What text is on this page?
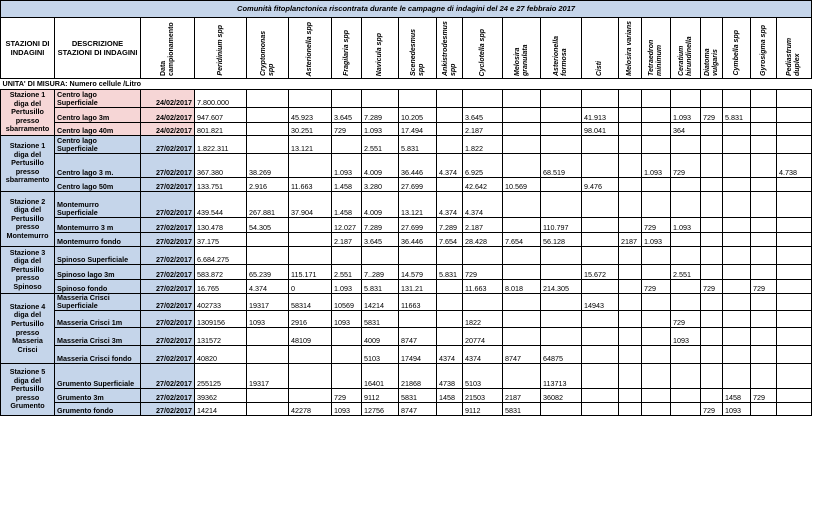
Comunità fitoplanctonica riscontrata durante le campagne di indagini del 24 e 27 febbraio 2017																				
STAZIONI DI INDAGINI	DESCRIZIONE STAZIONI DI INDAGINI	Data campionamento	Peridinium spp	Cryptomonas spp	Asterionella spp	Fragilaria spp	Navicula spp	Scenedesmus spp	Ankistrodesmus spp	Cyclotella spp	Melosira granulata	Asterionella formosa	Cisti	Melosira varians	Tetraedron minimum	Ceratium hirundinella	Diatoma vulgaris	Cymbella spp	Gyrosigma spp	Pediastrum duplex

UNITA' DI MISURA: Numero cellule /Litro																				
Stazione 1 diga del Pertusillo presso sbarramento	Centro lago Superficiale	24/02/2017	7.800.000																	
	Centro lago 3m	24/02/2017	947.607		45.923	3.645	7.289	10.205		3.645			41.913			1.093	729	5.831		
	Centro lago 40m	24/02/2017	801.821		30.251	729	1.093	17.494		2.187			98.041			364				
Stazione 1 diga del Pertusillo presso sbarramento	Centro lago Superficiale	27/02/2017	1.822.311		13.121		2.551	5.831		1.822										
	Centro lago 3 m.	27/02/2017	367.380	38.269		1.093	4.009	36.446	4.374	6.925		68.519			1.093	729				4.738
	Centro lago 50m	27/02/2017	133.751	2.916	11.663	1.458	3.280	27.699		42.642	10.569		9.476							
Stazione 2 diga del Pertusillo presso Montemurro	Montemurro Superficiale	27/02/2017	439.544	267.881	37.904	1.458	4.009	13.121	4.374	4.374										
	Montemurro 3 m	27/02/2017	130.478	54.305		12.027	7.289	27.699	7.289	2.187		110.797			729	1.093				
	Montemurro fondo	27/02/2017	37.175			2.187	3.645	36.446	7.654	28.428	7.654	56.128		2187	1.093					
Stazione 3 diga del Pertusillo presso Spinoso	Spinoso Superficiale	27/02/2017	6.684.275																	
	Spinoso lago 3m	27/02/2017	583.872	65.239	115.171	2.551	7..289	14.579	5.831	729			15.672			2.551				
	Spinoso fondo	27/02/2017	16.765	4.374	0	1.093	5.831	131.21		11.663	8.018	214.305			729		729		729	
Stazione 4 diga del Pertusillo presso Masseria Crisci	Masseria Crisci Superficiale	27/02/2017	402733	19317	58314	10569	14214	11663					14943							
	Masseria Crisci 1m	27/02/2017	1309156	1093	2916	1093	5831			1822						729				
	Masseria Crisci 3m	27/02/2017	131572		48109		4009	8747		20774						1093				
	Masseria Crisci fondo	27/02/2017	40820				5103	17494	4374	4374	8747	64875								
Stazione 5 diga del Pertusillo presso Grumento	Grumento Superficiale	27/02/2017	255125	19317			16401	21868	4738	5103		113713								
	Grumento 3m	27/02/2017	39362			729	9112	5831	1458	21503	2187	36082						1458	729	
	Grumento fondo	27/02/2017	14214		42278	1093	12756	8747		9112	5831						729	1093		
